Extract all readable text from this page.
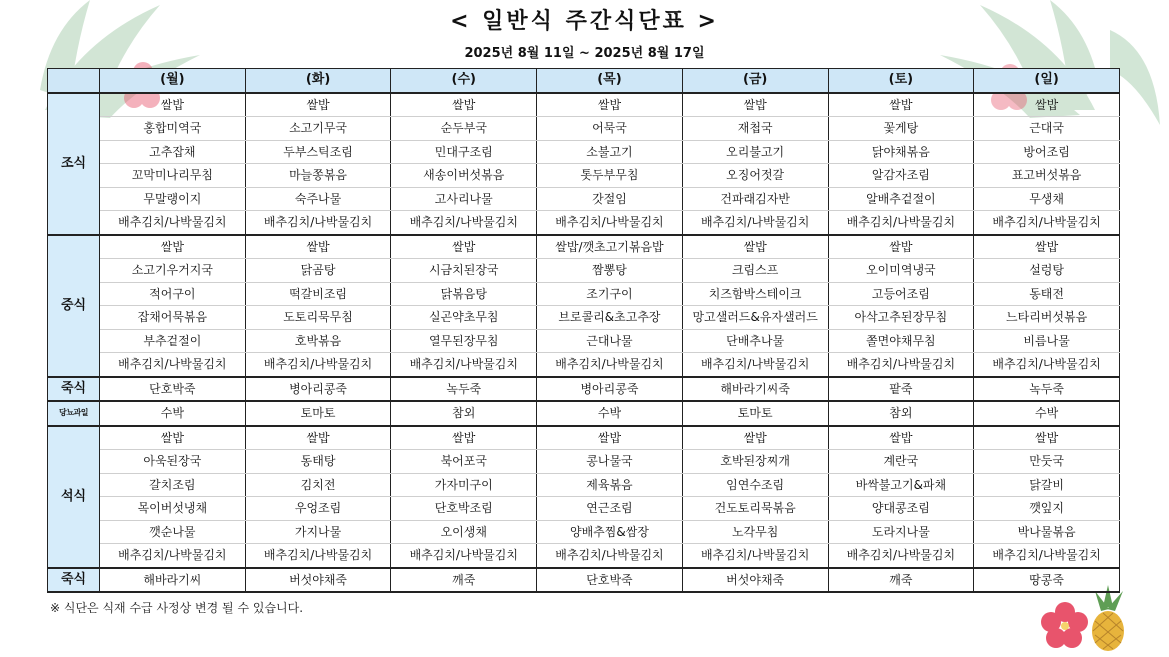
< 일반식 주간식단표 >
2025년 8월 11일 ~ 2025년 8월 17일
	(월)	(화)	(수)	(목)	(금)	(토)	(일)
조식	쌀밥	쌀밥	쌀밥	쌀밥	쌀밥	쌀밥	쌀밥
	홍합미역국	소고기무국	순두부국	어묵국	재첩국	꽃게탕	근대국
	고추잡채	두부스틱조림	민대구조림	소불고기	오리불고기	닭야채볶음	방어조림
	꼬막미나리무침	마늘쫑볶음	새송이버섯볶음	톳두부무침	오징어젓갈	알감자조림	표고버섯볶음
	무말랭이지	숙주나물	고사리나물	갓절임	건파래김자반	알배추겉절이	무생채
	배추김치/나박물김치	배추김치/나박물김치	배추김치/나박물김치	배추김치/나박물김치	배추김치/나박물김치	배추김치/나박물김치	배추김치/나박물김치
중식	쌀밥	쌀밥	쌀밥	쌀밥/깻초고기볶음밥	쌀밥	쌀밥	쌀밥
	소고기우거지국	닭곰탕	시금치된장국	짬뽕탕	크림스프	오이미역냉국	설렁탕
	적어구이	떡갈비조림	닭볶음탕	조기구이	치즈함박스테이크	고등어조림	동태전
	잡채어묵볶음	도토리묵무침	실곤약초무침	브로콜리&초고추장	망고샐러드&유자샐러드	아삭고추된장무침	느타리버섯볶음
	부추겉절이	호박볶음	열무된장무침	근대나물	단배추나물	쫄면야채무침	비름나물
	배추김치/나박물김치	배추김치/나박물김치	배추김치/나박물김치	배추김치/나박물김치	배추김치/나박물김치	배추김치/나박물김치	배추김치/나박물김치
죽식	단호박죽	병아리콩죽	녹두죽	병아리콩죽	해바라기씨죽	팥죽	녹두죽
당뇨과일	수박	토마토	참외	수박	토마토	참외	수박
석식	쌀밥	쌀밥	쌀밥	쌀밥	쌀밥	쌀밥	쌀밥
	아욱된장국	동태탕	북어포국	콩나물국	호박된장찌개	계란국	만둣국
	갈치조림	김치전	가자미구이	제육볶음	임연수조림	바싹불고기&파채	닭갈비
	목이버섯냉채	우엉조림	단호박조림	연근조림	건도토리묵볶음	양대콩조림	깻잎지
	깻순나물	가지나물	오이생채	양배추찜&쌈장	노각무침	도라지나물	박나물볶음
	배추김치/나박물김치	배추김치/나박물김치	배추김치/나박물김치	배추김치/나박물김치	배추김치/나박물김치	배추김치/나박물김치	배추김치/나박물김치
죽식	해바라기씨	버섯야채죽	깨죽	단호박죽	버섯야채죽	깨죽	땅콩죽
※ 식단은 식재 수급 사정상 변경 될 수 있습니다.
